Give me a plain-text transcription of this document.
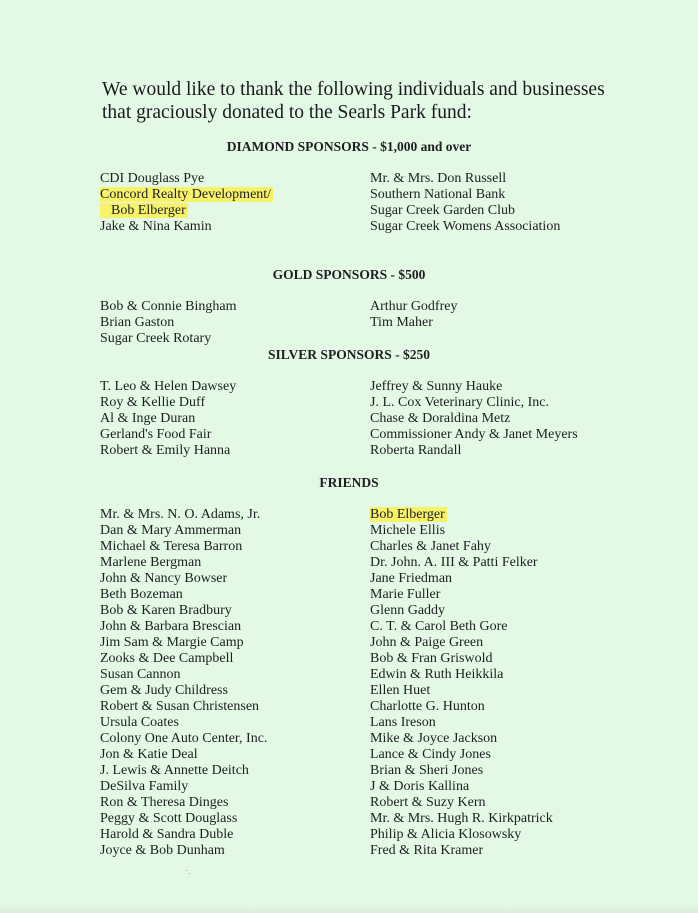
We would like to thank the following individuals and businesses
that graciously donated to the Searls Park fund:

DIAMOND SPONSORS - $1,000 and over
CDI Douglass Pye
Concord Realty Development/
Bob Elberger
Jake & Nina Kamin
Mr. & Mrs. Don Russell
Southern National Bank
Sugar Creek Garden Club
Sugar Creek Womens Association
GOLD SPONSORS - $500
Bob & Connie Bingham
Brian Gaston
Sugar Creek Rotary
Arthur Godfrey
Tim Maher
SILVER SPONSORS - $250
T. Leo & Helen Dawsey
Roy & Kellie Duff
Al & Inge Duran
Gerland's Food Fair
Robert & Emily Hanna
Jeffrey & Sunny Hauke
J. L. Cox Veterinary Clinic, Inc.
Chase & Doraldina Metz
Commissioner Andy & Janet Meyers
Roberta Randall
FRIENDS
Mr. & Mrs. N. O. Adams, Jr.
Dan & Mary Ammerman
Michael & Teresa Barron
Marlene Bergman
John & Nancy Bowser
Beth Bozeman
Bob & Karen Bradbury
John & Barbara Brescian
Jim Sam & Margie Camp
Zooks & Dee Campbell
Susan Cannon
Gem & Judy Childress
Robert & Susan Christensen
Ursula Coates
Colony One Auto Center, Inc.
Jon & Katie Deal
J. Lewis & Annette Deitch
DeSilva Family
Ron & Theresa Dinges
Peggy & Scott Douglass
Harold & Sandra Duble
Joyce & Bob Dunham
Bob Elberger
Michele Ellis
Charles & Janet Fahy
Dr. John. A. III & Patti Felker
Jane Friedman
Marie Fuller
Glenn Gaddy
C. T. & Carol Beth Gore
John & Paige Green
Bob & Fran Griswold
Edwin & Ruth Heikkila
Ellen Huet
Charlotte G. Hunton
Lans Ireson
Mike & Joyce Jackson
Lance & Cindy Jones
Brian & Sheri Jones
J & Doris Kallina
Robert & Suzy Kern
Mr. & Mrs. Hugh R. Kirkpatrick
Philip & Alicia Klosowsky
Fred & Rita Kramer
